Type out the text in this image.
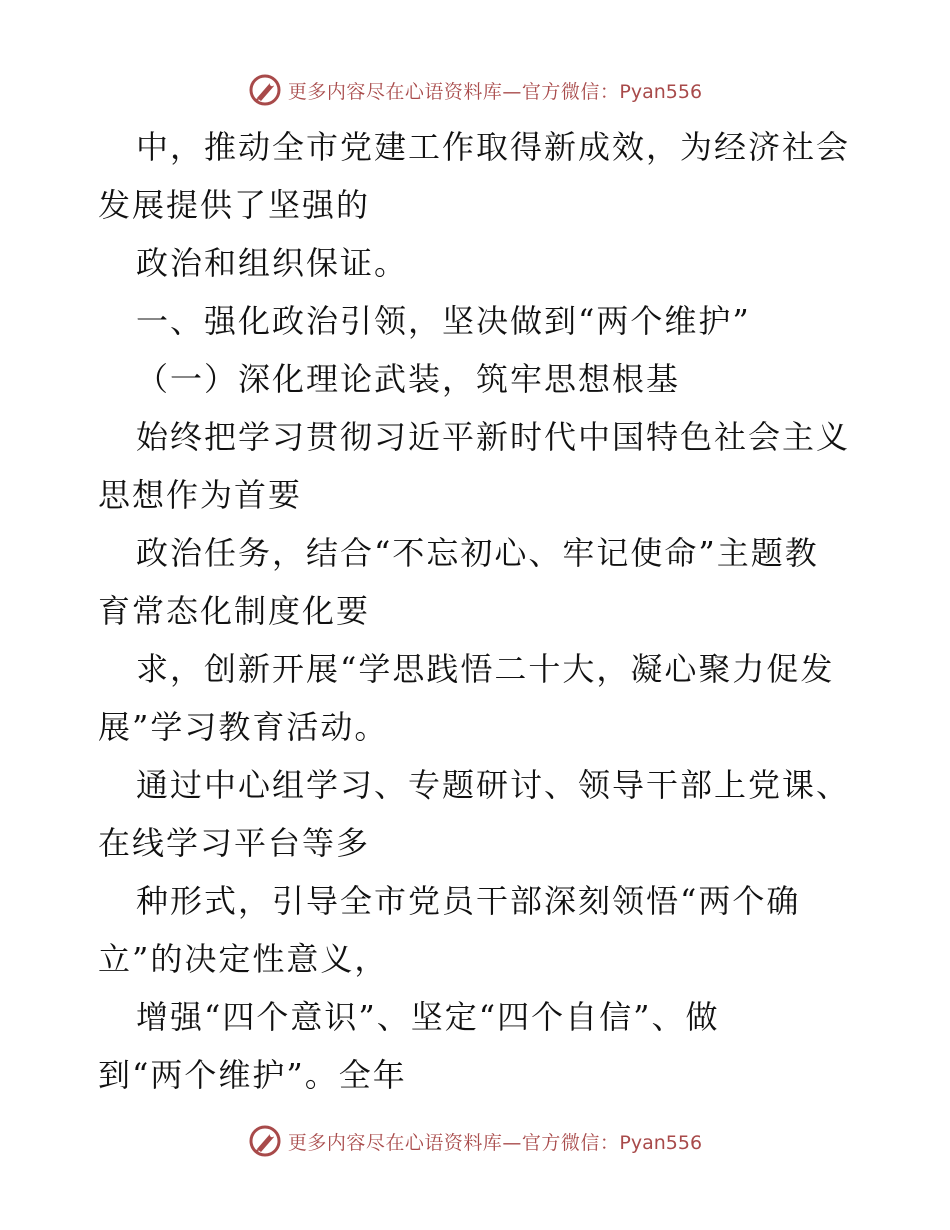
更多内容尽在心语资料库—官方微信：Pyan556
中，推动全市党建工作取得新成效，为经济社会
发展提供了坚强的
政治和组织保证。
一、强化政治引领，坚决做到“两个维护”
（一）深化理论武装，筑牢思想根基
始终把学习贯彻习近平新时代中国特色社会主义
思想作为首要
政治任务，结合“不忘初心、牢记使命”主题教
育常态化制度化要
求，创新开展“学思践悟二十大，凝心聚力促发
展”学习教育活动。
通过中心组学习、专题研讨、领导干部上党课、
在线学习平台等多
种形式，引导全市党员干部深刻领悟“两个确
立”的决定性意义，
增强“四个意识”、坚定“四个自信”、做
到“两个维护”。全年
更多内容尽在心语资料库—官方微信：Pyan556
